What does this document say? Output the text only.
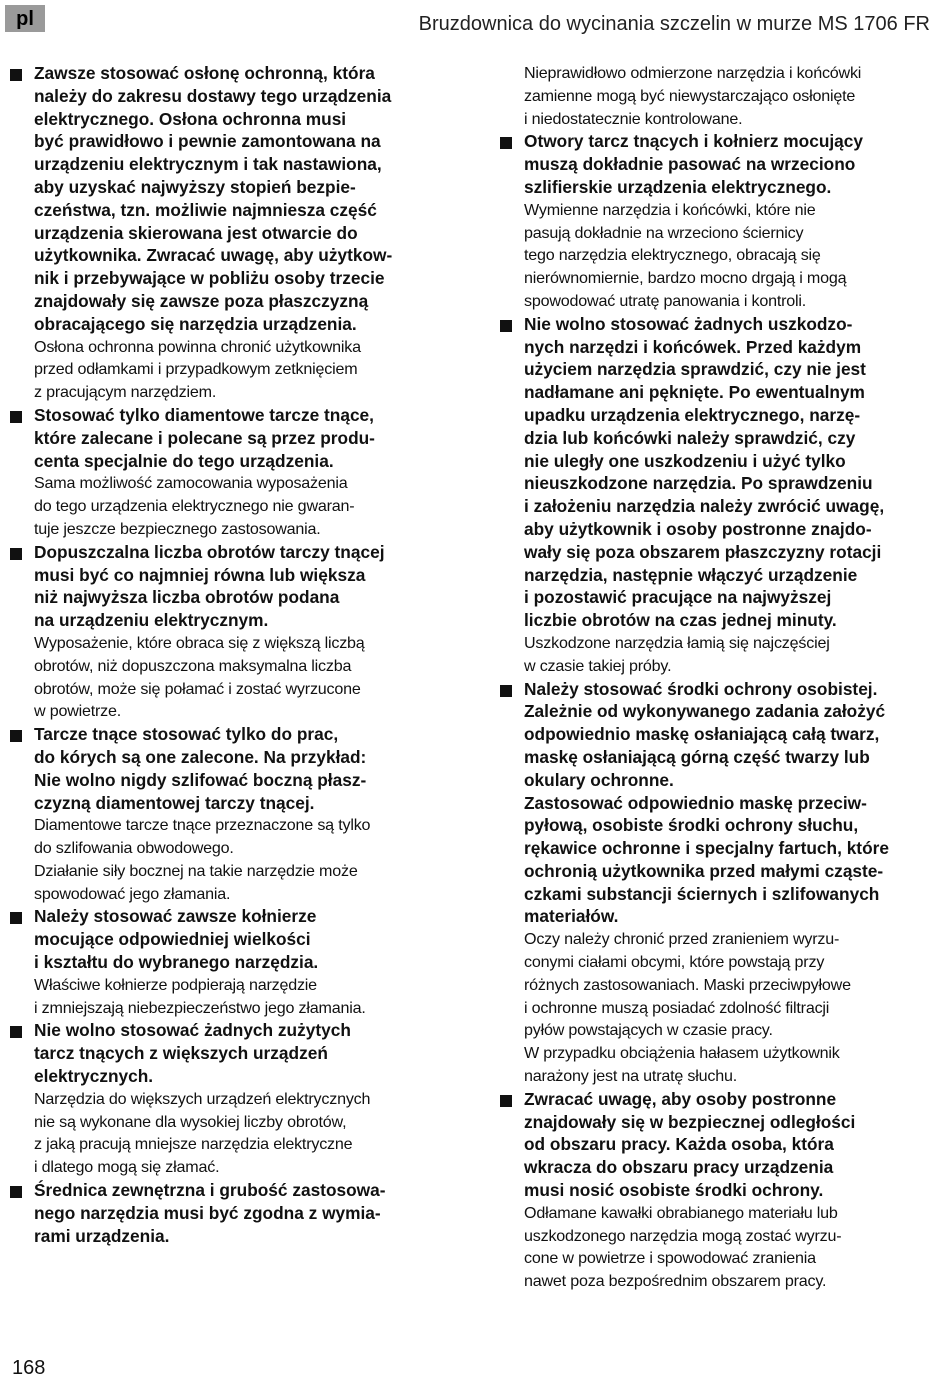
pl	Bruzdownica do wycinania szczelin w murze MS 1706 FR

Zawsze stosować osłonę ochronną, która
należy do zakresu dostawy tego urządzenia
elektrycznego. Osłona ochronna musi
być prawidłowo i pewnie zamontowana na
urządzeniu elektrycznym i tak nastawiona,
aby uzyskać najwyższy stopień bezpie-
czeństwa, tzn. możliwie najmniesza część
urządzenia skierowana jest otwarcie do
użytkownika. Zwracać uwagę, aby użytkow-
nik i przebywające w pobliżu osoby trzecie
znajdowały się zawsze poza płaszczyzną
obracającego się narzędzia urządzenia.

Osłona ochronna powinna chronić użytkownika
przed odłamkami i przypadkowym zetknięciem
z pracującym narzędziem.

Stosować tylko diamentowe tarcze tnące,
które zalecane i polecane są przez produ-
centa specjalnie do tego urządzenia.

Sama możliwość zamocowania wyposażenia
do tego urządzenia elektrycznego nie gwaran-
tuje jeszcze bezpiecznego zastosowania.

Dopuszczalna liczba obrotów tarczy tnącej
musi być co najmniej równa lub większa
niż najwyższa liczba obrotów podana
na urządzeniu elektrycznym.

Wyposażenie, które obraca się z większą liczbą
obrotów, niż dopuszczona maksymalna liczba
obrotów, może się połamać i zostać wyrzucone
w powietrze.

Tarcze tnące stosować tylko do prac,
do kórych są one zalecone. Na przykład:
Nie wolno nigdy szlifować boczną płasz-
czyzną diamentowej tarczy tnącej.

Diamentowe tarcze tnące przeznaczone są tylko
do szlifowania obwodowego.
Działanie siły bocznej na takie narzędzie może
spowodować jego złamania.

Należy stosować zawsze kołnierze
mocujące odpowiedniej wielkości
i kształtu do wybranego narzędzia.

Właściwe kołnierze podpierają narzędzie
i zmniejszają niebezpieczeństwo jego złamania.

Nie wolno stosować żadnych zużytych
tarcz tnących z większych urządzeń
elektrycznych.

Narzędzia do większych urządzeń elektrycznych
nie są wykonane dla wysokiej liczby obrotów,
z jaką pracują mniejsze narzędzia elektryczne
i dlatego mogą się złamać.

Średnica zewnętrzna i grubość zastosowa-
nego narzędzia musi być zgodna z wymia-
rami urządzenia.

Nieprawidłowo odmierzone narzędzia i końcówki
zamienne mogą być niewystarczająco osłonięte
i niedostatecznie kontrolowane.

Otwory tarcz tnących i kołnierz mocujący
muszą dokładnie pasować na wrzeciono
szlifierskie urządzenia elektrycznego.

Wymienne narzędzia i końcówki, które nie
pasują dokładnie na wrzeciono ściernicy
tego narzędzia elektrycznego, obracają się
nierównomiernie, bardzo mocno drgają i mogą
spowodować utratę panowania i kontroli.

Nie wolno stosować żadnych uszkodzo-
nych narzędzi i końcówek. Przed każdym
użyciem narzędzia sprawdzić, czy nie jest
nadłamane ani pęknięte. Po ewentualnym
upadku urządzenia elektrycznego, narzę-
dzia lub końcówki należy sprawdzić, czy
nie uległy one uszkodzeniu i użyć tylko
nieuszkodzone narzędzia. Po sprawdzeniu
i założeniu narzędzia należy zwrócić uwagę,
aby użytkownik i osoby postronne znajdo-
wały się poza obszarem płaszczyzny rotacji
narzędzia, następnie włączyć urządzenie
i pozostawić pracujące na najwyższej
liczbie obrotów na czas jednej minuty.

Uszkodzone narzędzia łamią się najczęściej
w czasie takiej próby.

Należy stosować środki ochrony osobistej.
Zależnie od wykonywanego zadania założyć
odpowiednio maskę osłaniającą całą twarz,
maskę osłaniającą górną część twarzy lub
okulary ochronne.
Zastosować odpowiednio maskę przeciw-
pyłową, osobiste środki ochrony słuchu,
rękawice ochronne i specjalny fartuch, które
ochronią użytkownika przed małymi cząste-
czkami substancji ściernych i szlifowanych
materiałów.

Oczy należy chronić przed zranieniem wyrzu-
conymi ciałami obcymi, które powstają przy
różnych zastosowaniach. Maski przeciwpyłowe
i ochronne muszą posiadać zdolność filtracji
pyłów powstających w czasie pracy.
W przypadku obciążenia hałasem użytkownik
narażony jest na utratę słuchu.

Zwracać uwagę, aby osoby postronne
znajdowały się w bezpiecznej odległości
od obszaru pracy. Każda osoba, która
wkracza do obszaru pracy urządzenia
musi nosić osobiste środki ochrony.

Odłamane kawałki obrabianego materiału lub
uszkodzonego narzędzia mogą zostać wyrzu-
cone w powietrze i spowodować zranienia
nawet poza bezpośrednim obszarem pracy.

168
